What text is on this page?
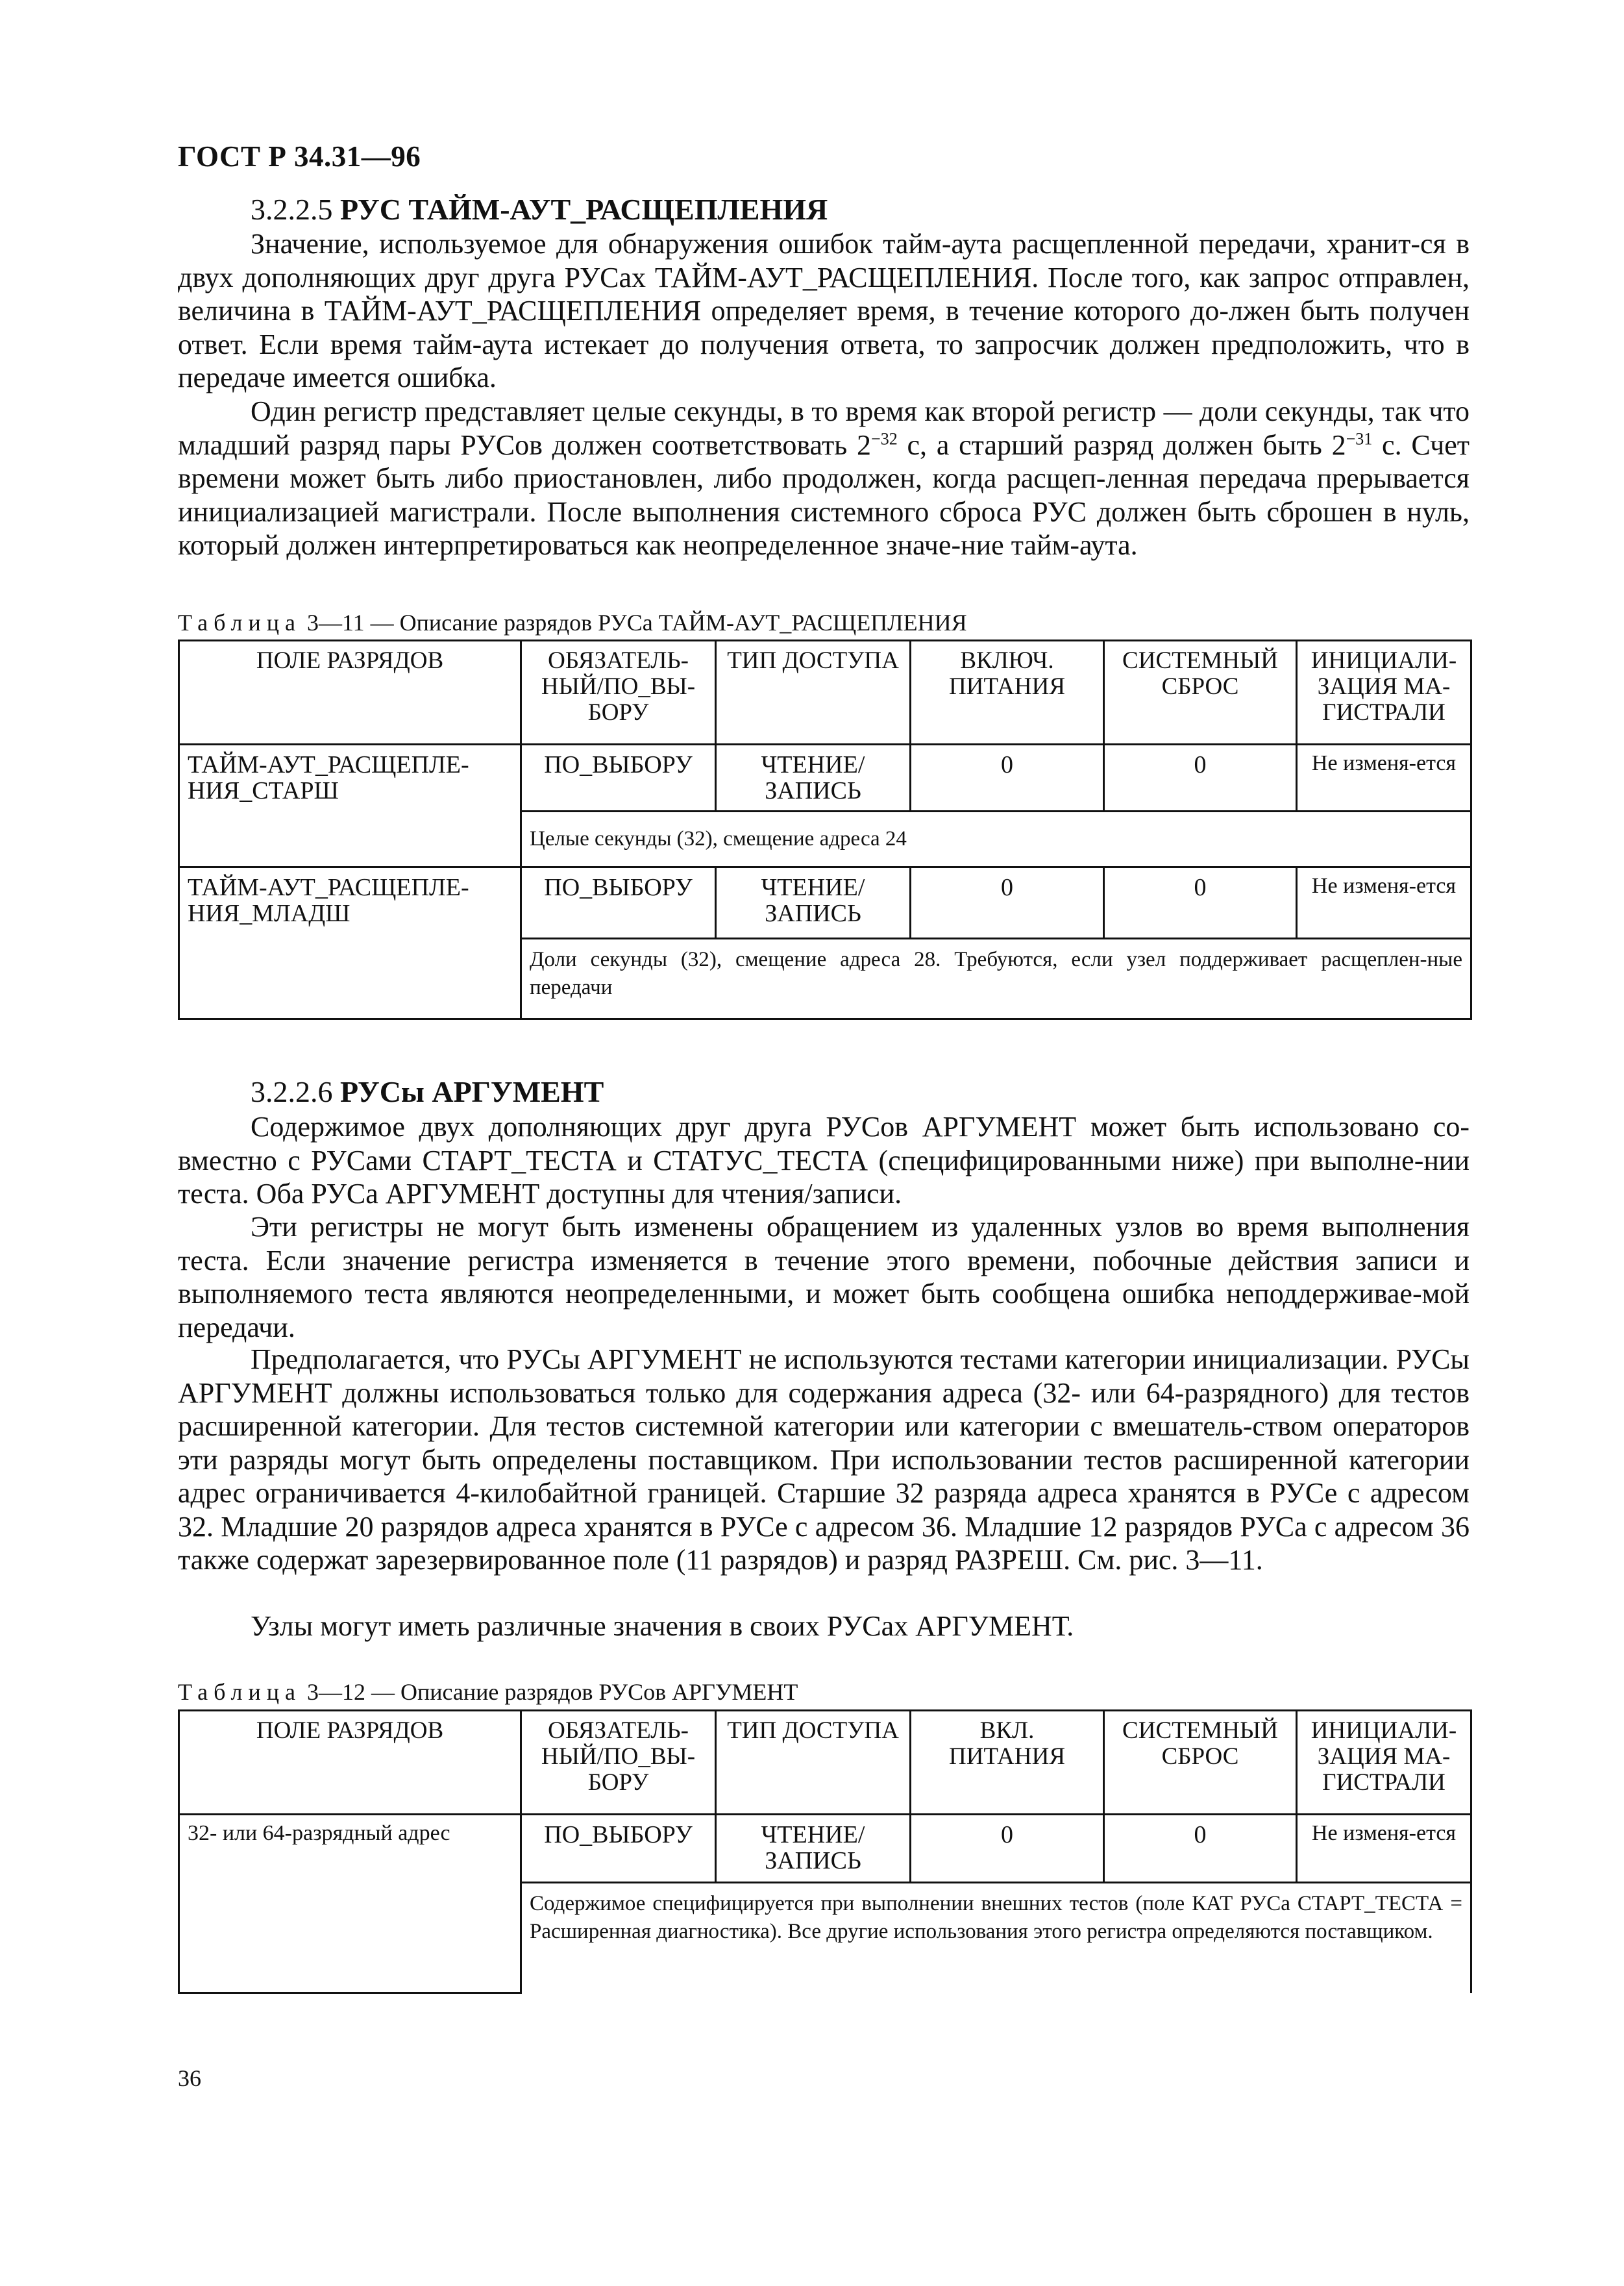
ГОСТ Р 34.31—96
3.2.2.5 РУС ТАЙМ-АУТ_РАСЩЕПЛЕНИЯ

Значение, используемое для обнаружения ошибок тайм-аута расщепленной передачи, хранит-ся в двух дополняющих друг друга РУСах ТАЙМ-АУТ_РАСЩЕПЛЕНИЯ. После того, как запрос отправлен, величина в ТАЙМ-АУТ_РАСЩЕПЛЕНИЯ определяет время, в течение которого до-лжен быть получен ответ. Если время тайм-аута истекает до получения ответа, то запросчик должен предположить, что в передаче имеется ошибка.

Один регистр представляет целые секунды, в то время как второй регистр — доли секунды, так что младший разряд пары РУСов должен соответствовать $2^{-32}$ с, а старший разряд должен быть $2^{-31}$ с. Счет времени может быть либо приостановлен, либо продолжен, когда расщеп-ленная передача прерывается инициализацией магистрали. После выполнения системного сброса РУС должен быть сброшен в нуль, который должен интерпретироваться как неопределенное значе-ние тайм-аута.

Таблица 3—11 — Описание разрядов РУСа ТАЙМ-АУТ_РАСЩЕПЛЕНИЯ
ПОЛЕ РАЗРЯДОВ	ОБЯЗАТЕЛЬ-НЫЙ/ПО_ВЫ-БОРУ	ТИП ДОСТУПА	ВКЛЮЧ. ПИТАНИЯ	СИСТЕМНЫЙ СБРОС	ИНИЦИАЛИ-ЗАЦИЯ МА-ГИСТРАЛИ
ТАЙМ-АУТ_РАСЩЕПЛЕ-НИЯ_СТАРШ	ПО_ВЫБОРУ	ЧТЕНИЕ/ ЗАПИСЬ	0	0	Не изменя-ется
	Целые секунды (32), смещение адреса 24				
ТАЙМ-АУТ_РАСЩЕПЛЕ-НИЯ_МЛАДШ	ПО_ВЫБОРУ	ЧТЕНИЕ/ ЗАПИСЬ	0	0	Не изменя-ется
	Доли секунды (32), смещение адреса 28. Требуются, если узел поддерживает расщеплен-ные передачи				
3.2.2.6 РУСы АРГУМЕНТ

Содержимое двух дополняющих друг друга РУСов АРГУМЕНТ может быть использовано со-вместно с РУСами СТАРТ_ТЕСТА и СТАТУС_ТЕСТА (специфицированными ниже) при выполне-нии теста. Оба РУСа АРГУМЕНТ доступны для чтения/записи.

Эти регистры не могут быть изменены обращением из удаленных узлов во время выполнения теста. Если значение регистра изменяется в течение этого времени, побочные действия записи и выполняемого теста являются неопределенными, и может быть сообщена ошибка неподдерживае-мой передачи.

Предполагается, что РУСы АРГУМЕНТ не используются тестами категории инициализации. РУСы АРГУМЕНТ должны использоваться только для содержания адреса (32- или 64-разрядного) для тестов расширенной категории. Для тестов системной категории или категории с вмешатель-ством операторов эти разряды могут быть определены поставщиком. При использовании тестов расширенной категории адрес ограничивается 4-килобайтной границей. Старшие 32 разряда адреса хранятся в РУСе с адресом 32. Младшие 20 разрядов адреса хранятся в РУСе с адресом 36. Младшие 12 разрядов РУСа с адресом 36 также содержат зарезервированное поле (11 разрядов) и разряд РАЗРЕШ. См. рис. 3—11.

Узлы могут иметь различные значения в своих РУСах АРГУМЕНТ.

Таблица 3—12 — Описание разрядов РУСов АРГУМЕНТ
ПОЛЕ РАЗРЯДОВ	ОБЯЗАТЕЛЬ-НЫЙ/ПО_ВЫ-БОРУ	ТИП ДОСТУПА	ВКЛ. ПИТАНИЯ	СИСТЕМНЫЙ СБРОС	ИНИЦИАЛИ-ЗАЦИЯ МА-ГИСТРАЛИ
32- или 64-разрядный адрес	ПО_ВЫБОРУ	ЧТЕНИЕ/ ЗАПИСЬ	0	0	Не изменя-ется
	Содержимое специфицируется при выполнении внешних тестов (поле КАТ РУСа СТАРТ_ТЕСТА = Расширенная диагностика). Все другие использования этого регистра определяются поставщиком.				
36
